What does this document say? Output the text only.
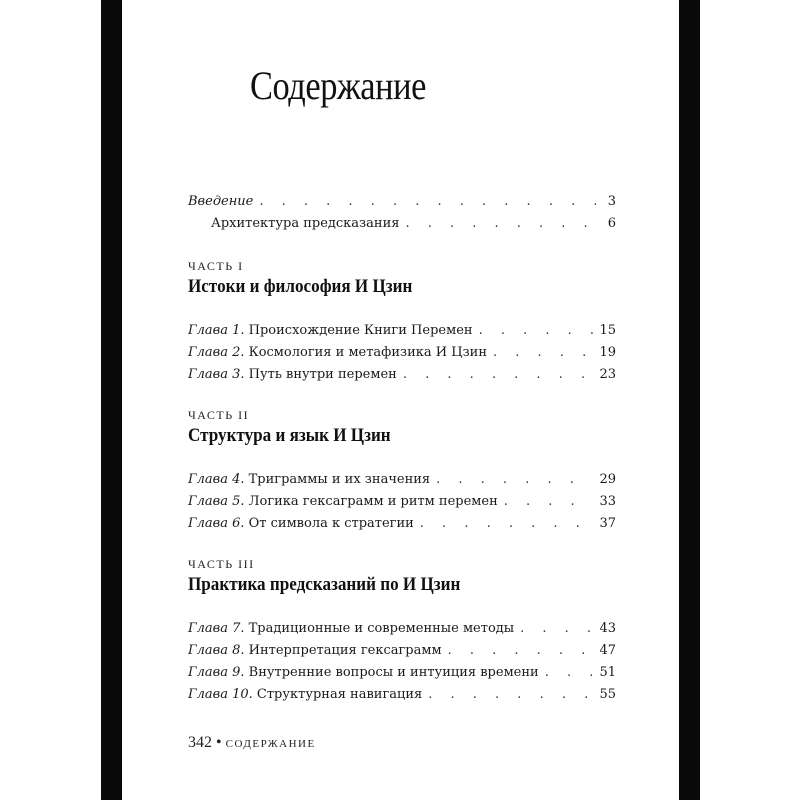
Содержание
Введение . . .	3
Архитектура предсказания . . .	6
ЧАСТЬ I
Истоки и философия И Цзин
Глава 1. Происхождение Книги Перемен . . .	15
Глава 2. Космология и метафизика И Цзин . . .	19
Глава 3. Путь внутри перемен . . .	23
ЧАСТЬ II
Структура и язык И Цзин
Глава 4. Триграммы и их значения . . .	29
Глава 5. Логика гексаграмм и ритм перемен . . .	33
Глава 6. От символа к стратегии . . .	37
ЧАСТЬ III
Практика предсказаний по И Цзин
Глава 7. Традиционные и современные методы . . .	43
Глава 8. Интерпретация гексаграмм . . .	47
Глава 9. Внутренние вопросы и интуиция времени . . .	51
Глава 10. Структурная навигация . . .	55
342 • СОДЕРЖАНИЕ
